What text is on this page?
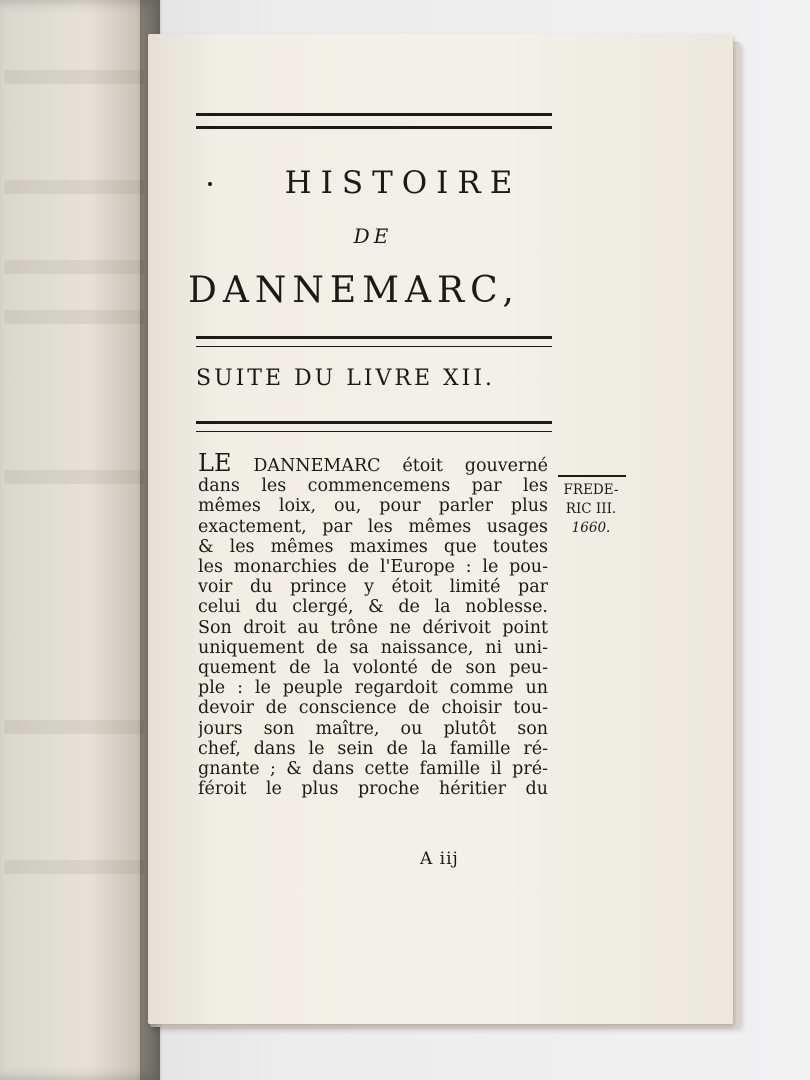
HISTOIRE
DE
DANNEMARC,
SUITE DU LIVRE XII.
LE DANNEMARC étoit gouverné
dans les commencemens par les
mêmes loix, ou, pour parler plus
exactement, par les mêmes usages
& les mêmes maximes que toutes
les monarchies de l'Europe : le pou-
voir du prince y étoit limité par
celui du clergé, & de la noblesse.
Son droit au trône ne dérivoit point
uniquement de sa naissance, ni uni-
quement de la volonté de son peu-
ple : le peuple regardoit comme un
devoir de conscience de choisir tou-
jours son maître, ou plutôt son
chef, dans le sein de la famille ré-
gnante ; & dans cette famille il pré-
féroit le plus proche héritier du
FREDE-
RIC III.
1660.
A iij
